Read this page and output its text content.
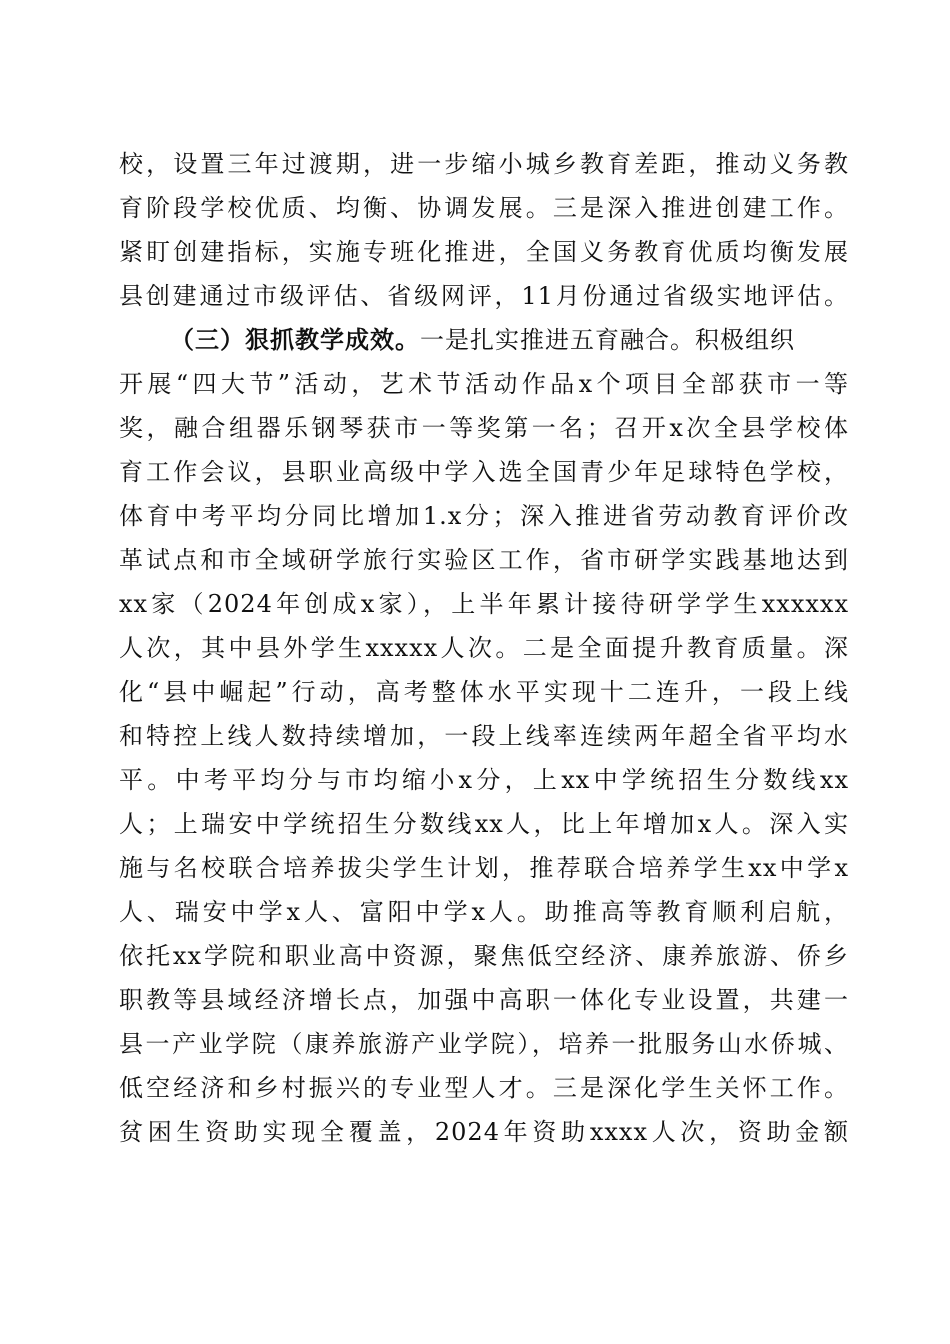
校，设置三年过渡期，进一步缩小城乡教育差距，推动义务教
育阶段学校优质、均衡、协调发展。三是深入推进创建工作。
紧盯创建指标，实施专班化推进，全国义务教育优质均衡发展
县创建通过市级评估、省级网评，11月份通过省级实地评估。
（三）狠抓教学成效。一是扎实推进五育融合。积极组织
开展“四大节”活动，艺术节活动作品x个项目全部获市一等
奖，融合组器乐钢琴获市一等奖第一名；召开x次全县学校体
育工作会议，县职业高级中学入选全国青少年足球特色学校，
体育中考平均分同比增加1.x分；深入推进省劳动教育评价改
革试点和市全域研学旅行实验区工作，省市研学实践基地达到
xx家（2024年创成x家），上半年累计接待研学学生xxxxxx
人次，其中县外学生xxxxx人次。二是全面提升教育质量。深
化“县中崛起”行动，高考整体水平实现十二连升，一段上线
和特控上线人数持续增加，一段上线率连续两年超全省平均水
平。中考平均分与市均缩小x分，上xx中学统招生分数线xx
人；上瑞安中学统招生分数线xx人，比上年增加x人。深入实
施与名校联合培养拔尖学生计划，推荐联合培养学生xx中学x
人、瑞安中学x人、富阳中学x人。助推高等教育顺利启航，
依托xx学院和职业高中资源，聚焦低空经济、康养旅游、侨乡
职教等县域经济增长点，加强中高职一体化专业设置，共建一
县一产业学院（康养旅游产业学院），培养一批服务山水侨城、
低空经济和乡村振兴的专业型人才。三是深化学生关怀工作。
贫困生资助实现全覆盖，2024年资助xxxx人次，资助金额
